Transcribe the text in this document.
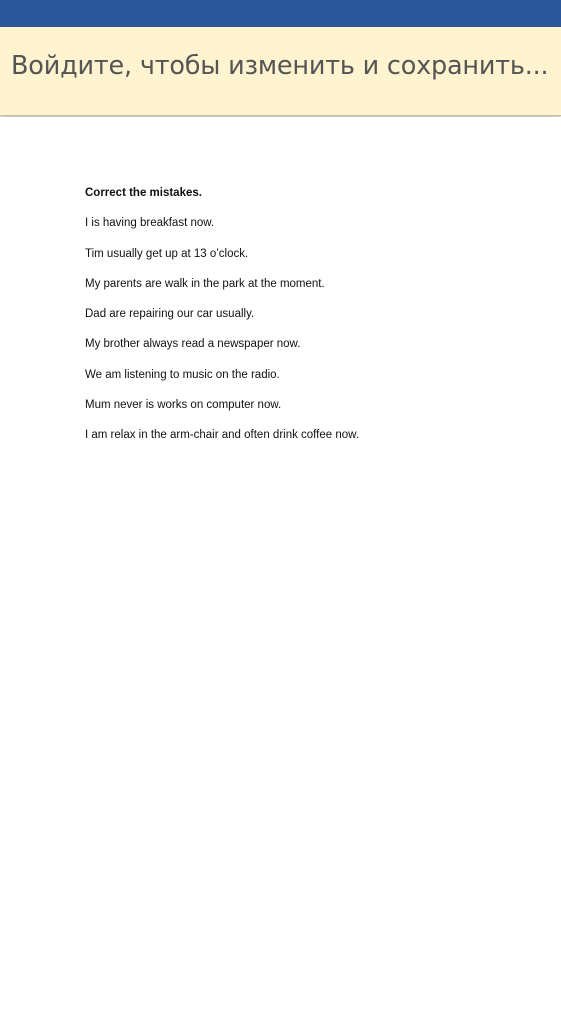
Войдите, чтобы изменить и сохранить...
Correct the mistakes.
I is having breakfast now.
Tim usually get up at 13 o’clock.
My parents are walk in the park at the moment.
Dad are repairing our car usually.
My brother always read a newspaper now.
We am listening to music on the radio.
Mum never is works on computer now.
I am relax in the arm-chair and often drink coffee now.
